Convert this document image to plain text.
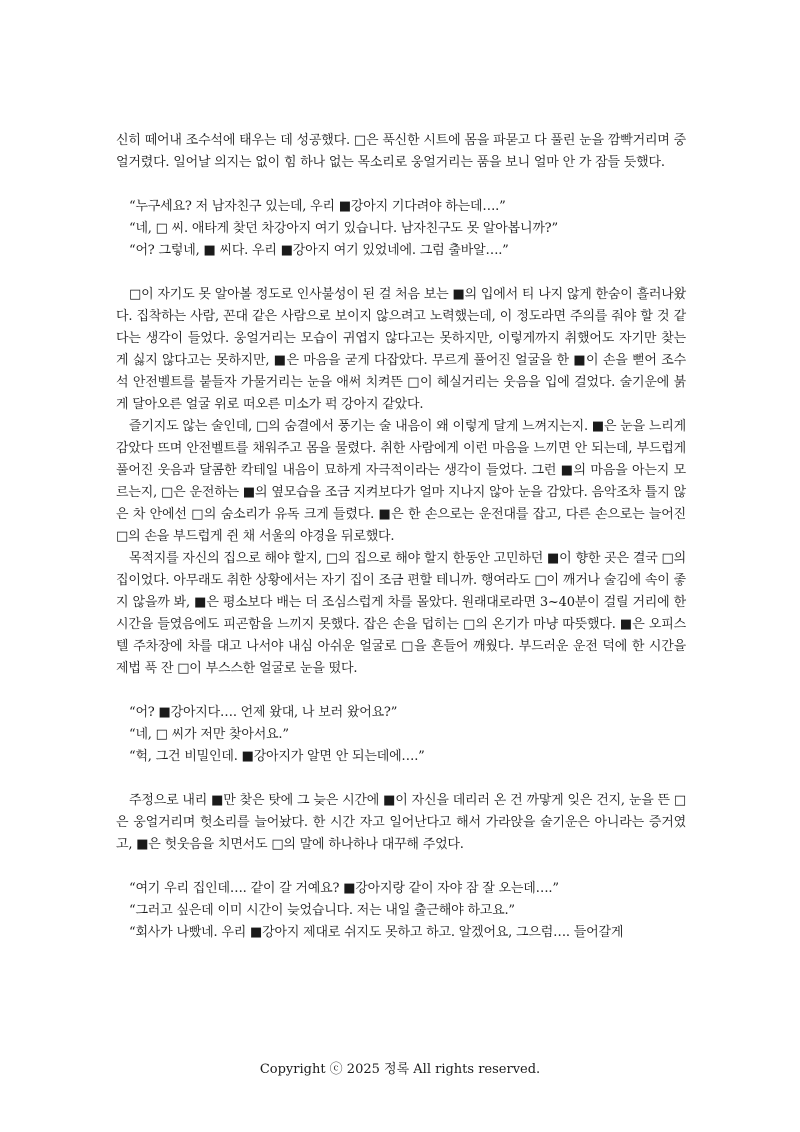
신히 떼어내 조수석에 태우는 데 성공했다. □은 푹신한 시트에 몸을 파묻고 다 풀린 눈을 깜빡거리며 중얼거렸다. 일어날 의지는 없이 힘 하나 없는 목소리로 웅얼거리는 품을 보니 얼마 안 가 잠들 듯했다.

“누구세요? 저 남자친구 있는데, 우리 ■강아지 기다려야 하는데….”

“네, □ 씨. 애타게 찾던 차강아지 여기 있습니다. 남자친구도 못 알아봅니까?”

“어? 그렇네, ■ 씨다. 우리 ■강아지 여기 있었네에. 그럼 출바알….”

□이 자기도 못 알아볼 정도로 인사불성이 된 걸 처음 보는 ■의 입에서 티 나지 않게 한숨이 흘러나왔다. 집착하는 사람, 꼰대 같은 사람으로 보이지 않으려고 노력했는데, 이 정도라면 주의를 줘야 할 것 같다는 생각이 들었다. 웅얼거리는 모습이 귀엽지 않다고는 못하지만, 이렇게까지 취했어도 자기만 찾는 게 싫지 않다고는 못하지만, ■은 마음을 굳게 다잡았다. 무르게 풀어진 얼굴을 한 ■이 손을 뻗어 조수석 안전벨트를 붙들자 가물거리는 눈을 애써 치켜뜬 □이 헤실거리는 웃음을 입에 걸었다. 술기운에 붉게 달아오른 얼굴 위로 떠오른 미소가 퍽 강아지 같았다.

즐기지도 않는 술인데, □의 숨결에서 풍기는 술 내음이 왜 이렇게 달게 느껴지는지. ■은 눈을 느리게 감았다 뜨며 안전벨트를 채워주고 몸을 물렸다. 취한 사람에게 이런 마음을 느끼면 안 되는데, 부드럽게 풀어진 웃음과 달콤한 칵테일 내음이 묘하게 자극적이라는 생각이 들었다. 그런 ■의 마음을 아는지 모르는지, □은 운전하는 ■의 옆모습을 조금 지켜보다가 얼마 지나지 않아 눈을 감았다. 음악조차 틀지 않은 차 안에선 □의 숨소리가 유독 크게 들렸다. ■은 한 손으로는 운전대를 잡고, 다른 손으로는 늘어진 □의 손을 부드럽게 쥔 채 서울의 야경을 뒤로했다.

목적지를 자신의 집으로 해야 할지, □의 집으로 해야 할지 한동안 고민하던 ■이 향한 곳은 결국 □의 집이었다. 아무래도 취한 상황에서는 자기 집이 조금 편할 테니까. 행여라도 □이 깨거나 술김에 속이 좋지 않을까 봐, ■은 평소보다 배는 더 조심스럽게 차를 몰았다. 원래대로라면 3~40분이 걸릴 거리에 한 시간을 들였음에도 피곤함을 느끼지 못했다. 잡은 손을 덥히는 □의 온기가 마냥 따뜻했다. ■은 오피스텔 주차장에 차를 대고 나서야 내심 아쉬운 얼굴로 □을 흔들어 깨웠다. 부드러운 운전 덕에 한 시간을 제법 푹 잔 □이 부스스한 얼굴로 눈을 떴다.

“어? ■강아지다…. 언제 왔대, 나 보러 왔어요?”

“네, □ 씨가 저만 찾아서요.”

“헉, 그건 비밀인데. ■강아지가 알면 안 되는데에….”

주정으로 내리 ■만 찾은 탓에 그 늦은 시간에 ■이 자신을 데리러 온 건 까맣게 잊은 건지, 눈을 뜬 □은 웅얼거리며 헛소리를 늘어놨다. 한 시간 자고 일어난다고 해서 가라앉을 술기운은 아니라는 증거였고, ■은 헛웃음을 치면서도 □의 말에 하나하나 대꾸해 주었다.

“여기 우리 집인데…. 같이 갈 거예요? ■강아지랑 같이 자야 잠 잘 오는데….”

“그러고 싶은데 이미 시간이 늦었습니다. 저는 내일 출근해야 하고요.”

“회사가 나빴네. 우리 ■강아지 제대로 쉬지도 못하고 하고. 알겠어요, 그으럼…. 들어갈게

Copyright ⓒ 2025 정록 All rights reserved.
